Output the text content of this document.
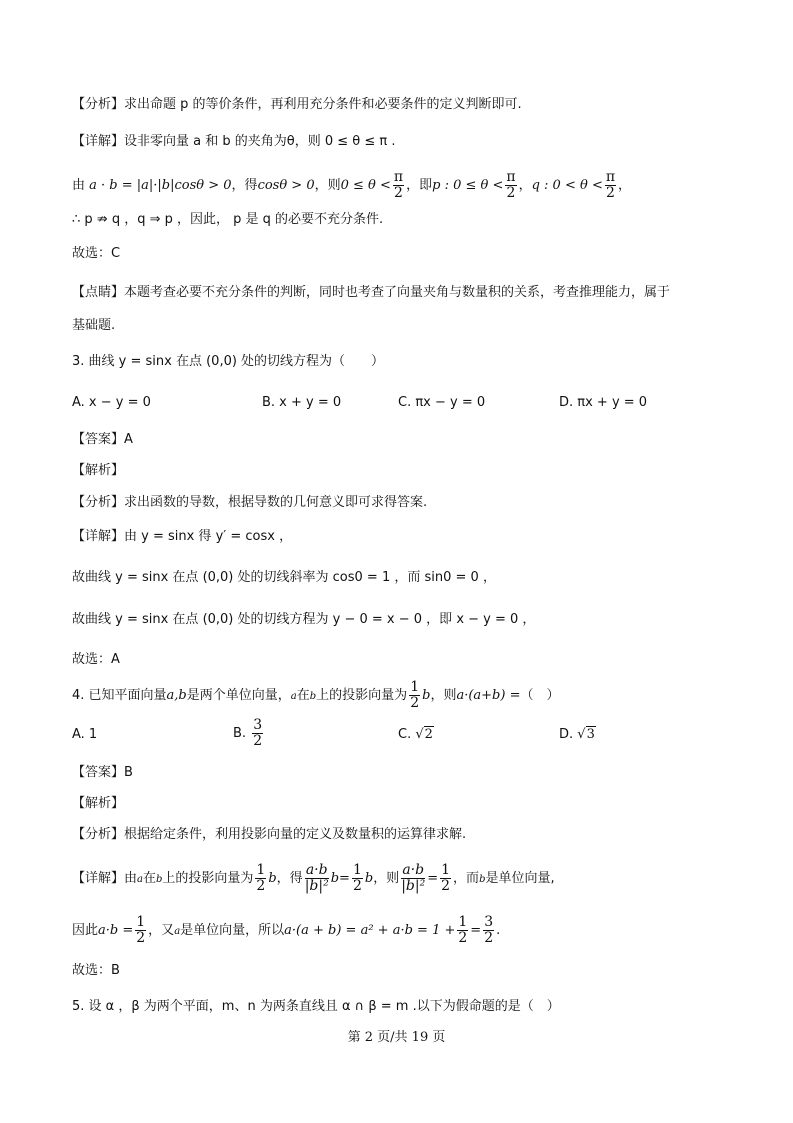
【分析】求出命题 p 的等价条件，再利用充分条件和必要条件的定义判断即可.
【详解】设非零向量 a 和 b 的夹角为θ，则 0 ≤ θ ≤ π .
由 a · b = |a|·|b|cosθ > 0，得cosθ > 0，则$0 \le \theta < \frac{\pi}{2}$ ，即p : $0 \le \theta < \frac{\pi}{2}$ ，q : $0 < \theta < \frac{\pi}{2}$ ，
∴ p ⇏ q ，q ⇒ p ，因此， p 是 q 的必要不充分条件.
故选：C
【点睛】本题考查必要不充分条件的判断，同时也考查了向量夹角与数量积的关系，考查推理能力，属于
基础题.
3. 曲线 y = sinx 在点 (0,0) 处的切线方程为（　　）
A. x − y = 0	B. x + y = 0	C. πx − y = 0	D. πx + y = 0
【答案】A
【解析】
【分析】求出函数的导数，根据导数的几何意义即可求得答案.
【详解】由 y = sinx 得 y′ = cosx ，
故曲线 y = sinx 在点 (0,0) 处的切线斜率为 cos0 = 1 ，而 sin0 = 0 ，
故曲线 y = sinx 在点 (0,0) 处的切线方程为 y − 0 = x − 0 ，即 x − y = 0 ，
故选：A
4. 已知平面向量a,b是两个单位向量，a在b上的投影向量为 $\frac{1}{2}$ b，则a·(a+b) =（　）
A. 1	B. $\frac{3}{2}$	C. √2	D. √3
【答案】B
【解析】
【分析】根据给定条件，利用投影向量的定义及数量积的运算律求解.
【详解】由a在b上的投影向量为 $\frac{1}{2}$ b，得 $\frac{a\cdot b}{\text{|b|²}} b= \frac{1}{2}$ b，则 $\frac{a\cdot b}{\text{|b|²}} = \frac{1}{2}$ ，而b是单位向量,
因此$a\cdot b = \frac{1}{2}$ ，又a是单位向量，所以$a\cdot(a + b) = a^2 + a\cdot b = 1 + \frac{1}{2} = \frac{3}{2}$ .
故选：B
5. 设 α ，β 为两个平面，m、n 为两条直线且 α ∩ β = m .以下为假命题的是（　）
第 2 页/共 19 页
